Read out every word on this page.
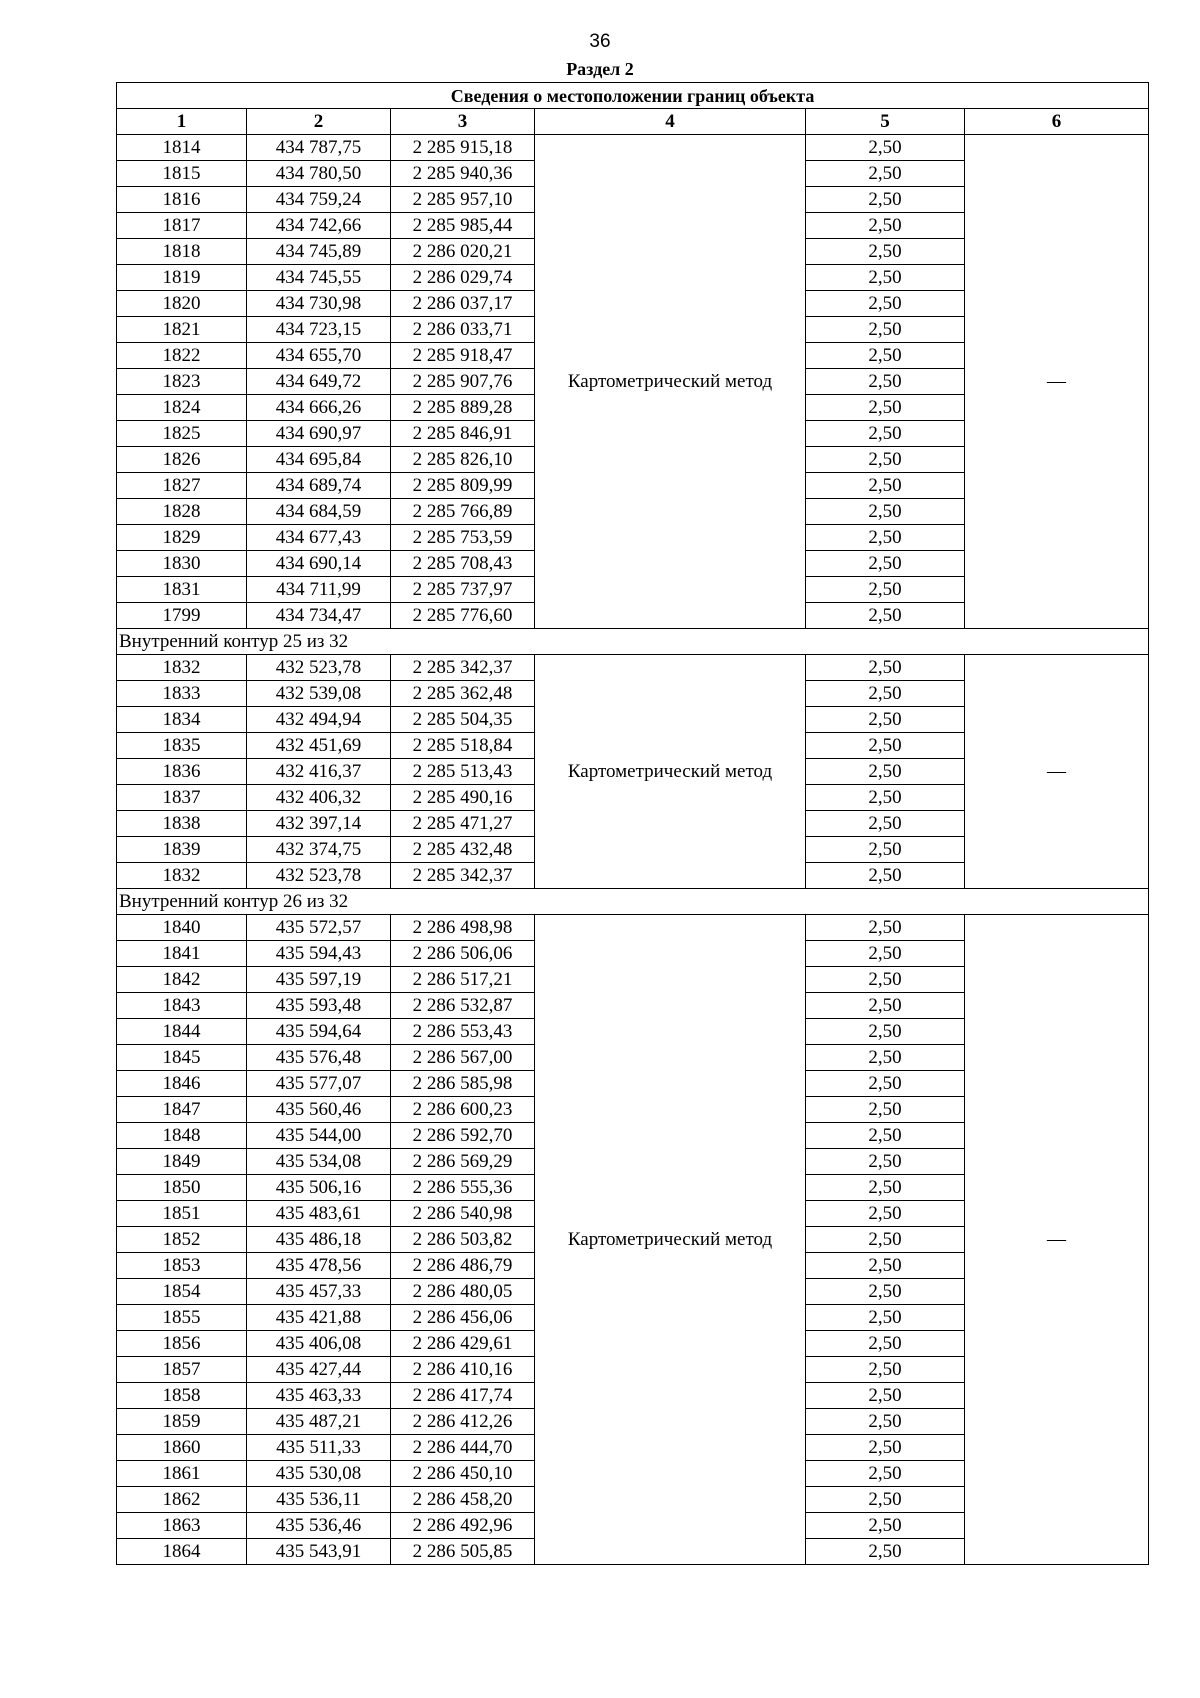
36
Раздел 2
Сведения о местоположении границ объекта					
1	2	3	4	5	6
1814	434 787,75	2 285 915,18	Картометрический метод	2,50	—
1815	434 780,50	2 285 940,36		2,50	
1816	434 759,24	2 285 957,10		2,50	
1817	434 742,66	2 285 985,44		2,50	
1818	434 745,89	2 286 020,21		2,50	
1819	434 745,55	2 286 029,74		2,50	
1820	434 730,98	2 286 037,17		2,50	
1821	434 723,15	2 286 033,71		2,50	
1822	434 655,70	2 285 918,47		2,50	
1823	434 649,72	2 285 907,76		2,50	
1824	434 666,26	2 285 889,28		2,50	
1825	434 690,97	2 285 846,91		2,50	
1826	434 695,84	2 285 826,10		2,50	
1827	434 689,74	2 285 809,99		2,50	
1828	434 684,59	2 285 766,89		2,50	
1829	434 677,43	2 285 753,59		2,50	
1830	434 690,14	2 285 708,43		2,50	
1831	434 711,99	2 285 737,97		2,50	
1799	434 734,47	2 285 776,60		2,50	
Внутренний контур 25 из 32					
1832	432 523,78	2 285 342,37	Картометрический метод	2,50	—
1833	432 539,08	2 285 362,48		2,50	
1834	432 494,94	2 285 504,35		2,50	
1835	432 451,69	2 285 518,84		2,50	
1836	432 416,37	2 285 513,43		2,50	
1837	432 406,32	2 285 490,16		2,50	
1838	432 397,14	2 285 471,27		2,50	
1839	432 374,75	2 285 432,48		2,50	
1832	432 523,78	2 285 342,37		2,50	
Внутренний контур 26 из 32					
1840	435 572,57	2 286 498,98	Картометрический метод	2,50	—
1841	435 594,43	2 286 506,06		2,50	
1842	435 597,19	2 286 517,21		2,50	
1843	435 593,48	2 286 532,87		2,50	
1844	435 594,64	2 286 553,43		2,50	
1845	435 576,48	2 286 567,00		2,50	
1846	435 577,07	2 286 585,98		2,50	
1847	435 560,46	2 286 600,23		2,50	
1848	435 544,00	2 286 592,70		2,50	
1849	435 534,08	2 286 569,29		2,50	
1850	435 506,16	2 286 555,36		2,50	
1851	435 483,61	2 286 540,98		2,50	
1852	435 486,18	2 286 503,82		2,50	
1853	435 478,56	2 286 486,79		2,50	
1854	435 457,33	2 286 480,05		2,50	
1855	435 421,88	2 286 456,06		2,50	
1856	435 406,08	2 286 429,61		2,50	
1857	435 427,44	2 286 410,16		2,50	
1858	435 463,33	2 286 417,74		2,50	
1859	435 487,21	2 286 412,26		2,50	
1860	435 511,33	2 286 444,70		2,50	
1861	435 530,08	2 286 450,10		2,50	
1862	435 536,11	2 286 458,20		2,50	
1863	435 536,46	2 286 492,96		2,50	
1864	435 543,91	2 286 505,85		2,50	
